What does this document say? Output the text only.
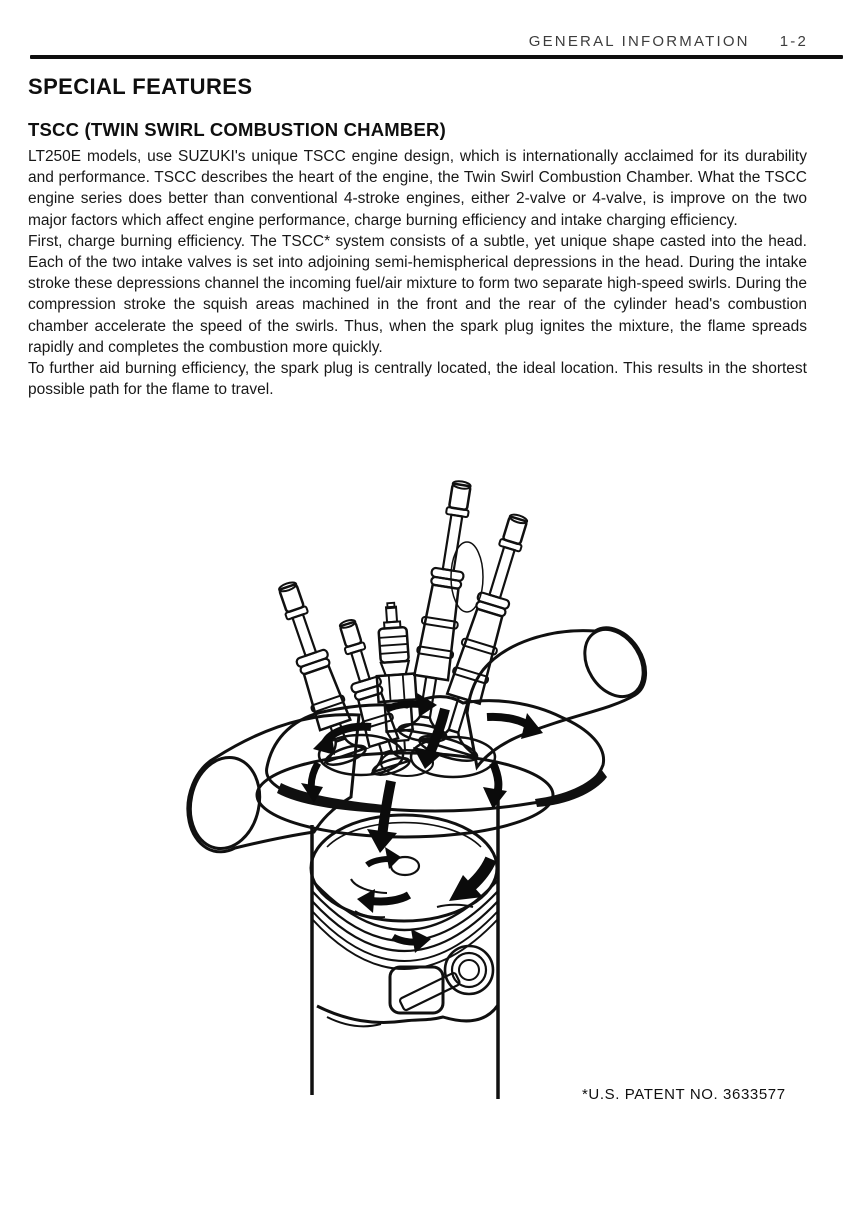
GENERAL INFORMATION 1-2
SPECIAL FEATURES
TSCC (TWIN SWIRL COMBUSTION CHAMBER)

LT250E models, use SUZUKI's unique TSCC engine design, which is internationally acclaimed for its durability and performance. TSCC describes the heart of the engine, the Twin Swirl Combustion Chamber. What the TSCC engine series does better than conventional 4-stroke engines, either 2-valve or 4-valve, is improve on the two major factors which affect engine performance, charge burning efficiency and intake charging efficiency.

First, charge burning efficiency. The TSCC* system consists of a subtle, yet unique shape casted into the head. Each of the two intake valves is set into adjoining semi-hemispherical depressions in the head. During the intake stroke these depressions channel the incoming fuel/air mixture to form two separate high-speed swirls. During the compression stroke the squish areas machined in the front and the rear of the cylinder head's combustion chamber accelerate the speed of the swirls. Thus, when the spark plug ignites the mixture, the flame spreads rapidly and completes the combustion more quickly.

To further aid burning efficiency, the spark plug is centrally located, the ideal location. This results in the shortest possible path for the flame to travel.

*U.S. PATENT NO. 3633577
